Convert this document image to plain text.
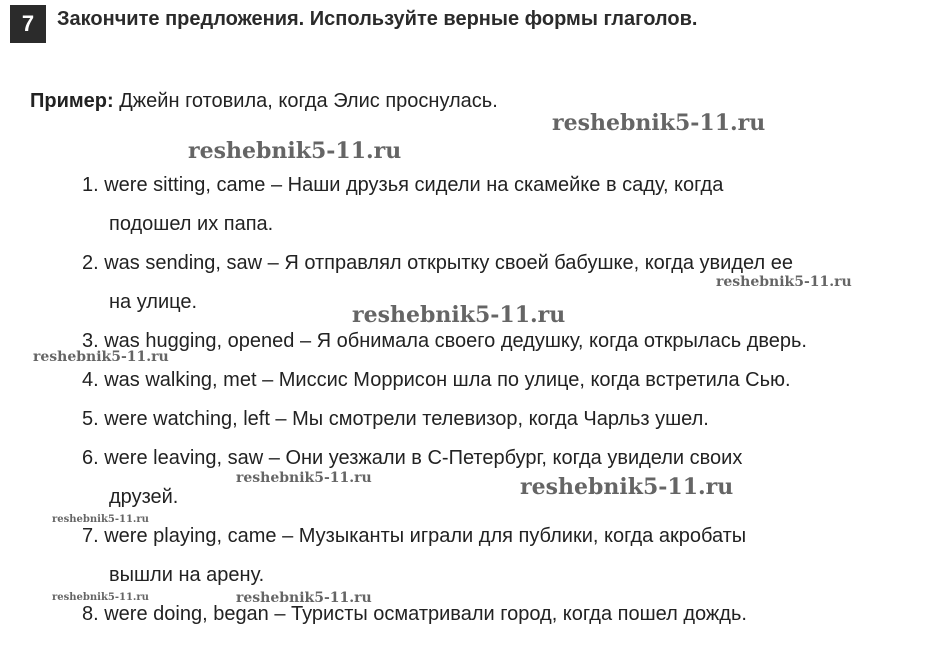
7	Закончите предложения. Используйте верные формы глаголов.
Пример: Джейн готовила, когда Элис проснулась.

1. were sitting, came – Наши друзья сидели на скамейке в саду, когда
подошел их папа.

2. was sending, saw – Я отправлял открытку своей бабушке, когда увидел ее
на улице.

3. was hugging, opened – Я обнимала своего дедушку, когда открылась дверь.

4. was walking, met – Миссис Моррисон шла по улице, когда встретила Сью.

5. were watching, left – Мы смотрели телевизор, когда Чарльз ушел.

6. were leaving, saw – Они уезжали в С-Петербург, когда увидели своих
друзей.

7. were playing, came – Музыканты играли для публики, когда акробаты
вышли на арену.

8. were doing, began – Туристы осматривали город, когда пошел дождь.

reshebnik5-11.ru
reshebnik5-11.ru
reshebnik5-11.ru
reshebnik5-11.ru
reshebnik5-11.ru
reshebnik5-11.ru	reshebnik5-11.ru
reshebnik5-11.ru
reshebnik5-11.ru	reshebnik5-11.ru
